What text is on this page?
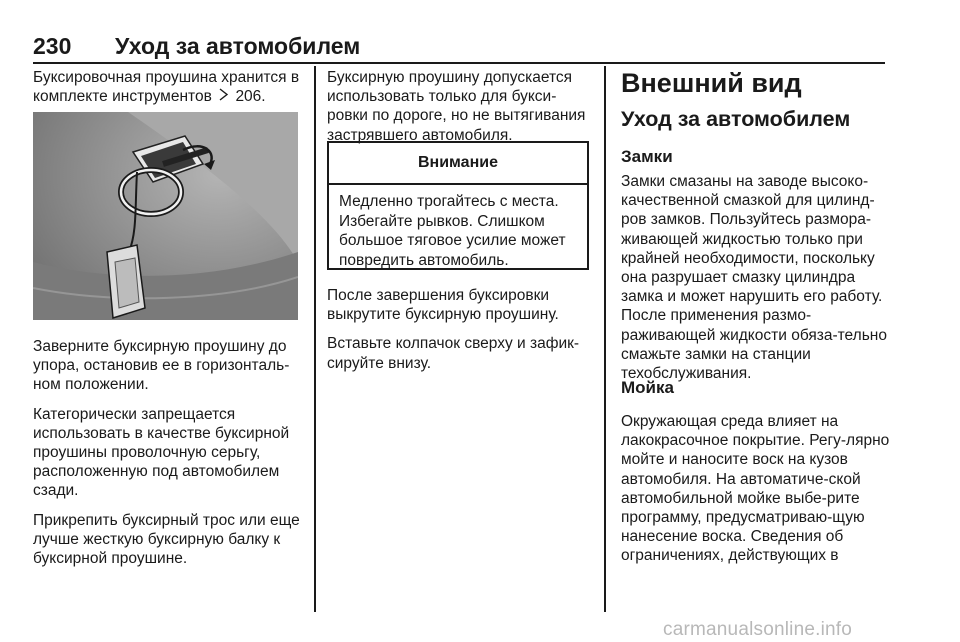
230 Уход за автомобилем

Буксировочная проушина хранится в комплекте инструментов 206.

Заверните буксирную проушину до упора, остановив ее в горизонталь-ном положении.

Категорически запрещается использовать в качестве буксирной проушины проволочную серьгу, расположенную под автомобилем сзади.

Прикрепить буксирный трос или еще лучше жесткую буксирную балку к буксирной проушине.

Буксирную проушину допускается использовать только для букси-ровки по дороге, но не вытягивания застрявшего автомобиля.

Внимание
Медленно трогайтесь с места. Избегайте рывков. Слишком большое тяговое усилие может повредить автомобиль.

После завершения буксировки выкрутите буксирную проушину.

Вставьте колпачок сверху и зафик-сируйте внизу.

Внешний вид
Уход за автомобилем
Замки

Замки смазаны на заводе высоко-качественной смазкой для цилинд-ров замков. Пользуйтесь размора-живающей жидкостью только при крайней необходимости, поскольку она разрушает смазку цилиндра замка и может нарушить его работу. После применения размо-раживающей жидкости обяза-тельно смажьте замки на станции техобслуживания.

Мойка

Окружающая среда влияет на лакокрасочное покрытие. Регу-лярно мойте и наносите воск на кузов автомобиля. На автоматиче-ской автомобильной мойке выбе-рите программу, предусматриваю-щую нанесение воска. Сведения об ограничениях, действующих в

carmanualsonline.info
